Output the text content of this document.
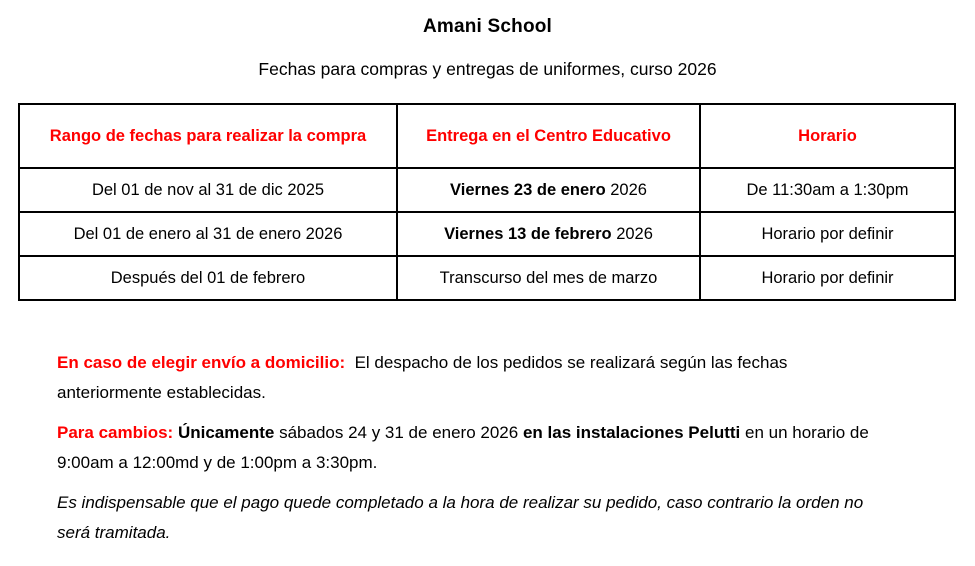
Amani School
Fechas para compras y entregas de uniformes, curso 2026
Rango de fechas para realizar la compra	Entrega en el Centro Educativo	Horario
Del 01 de nov al 31 de dic 2025	Viernes 23 de enero 2026	De 11:30am a 1:30pm
Del 01 de enero al 31 de enero 2026	Viernes 13 de febrero 2026	Horario por definir
Después del 01 de febrero	Transcurso del mes de marzo	Horario por definir

En caso de elegir envío a domicilio: El despacho de los pedidos se realizará según las fechas anteriormente establecidas.

Para cambios: Únicamente sábados 24 y 31 de enero 2026 en las instalaciones Pelutti en un horario de 9:00am a 12:00md y de 1:00pm a 3:30pm.

Es indispensable que el pago quede completado a la hora de realizar su pedido, caso contrario la orden no será tramitada.
